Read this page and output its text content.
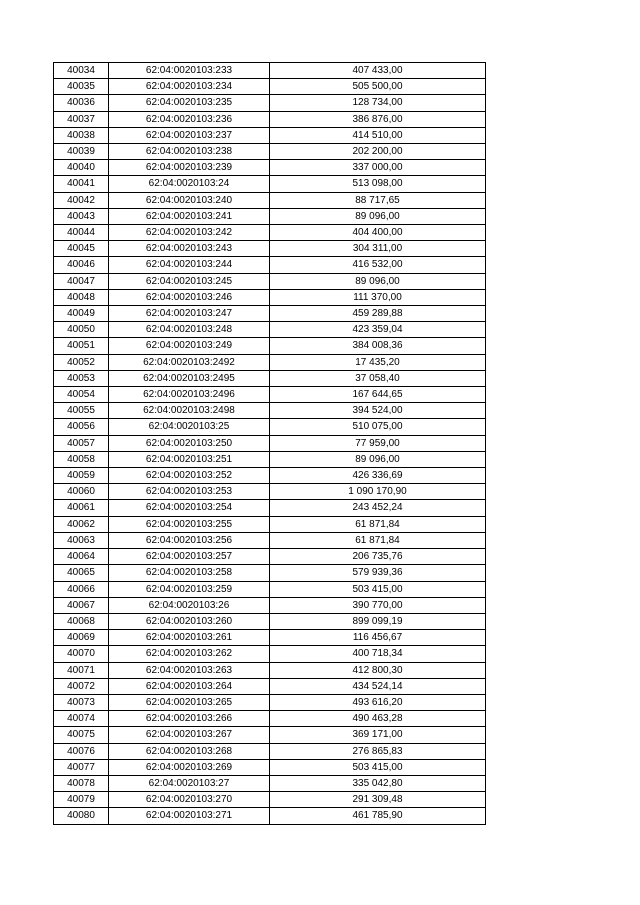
40034	62:04:0020103:233	407 433,00
40035	62:04:0020103:234	505 500,00
40036	62:04:0020103:235	128 734,00
40037	62:04:0020103:236	386 876,00
40038	62:04:0020103:237	414 510,00
40039	62:04:0020103:238	202 200,00
40040	62:04:0020103:239	337 000,00
40041	62:04:0020103:24	513 098,00
40042	62:04:0020103:240	88 717,65
40043	62:04:0020103:241	89 096,00
40044	62:04:0020103:242	404 400,00
40045	62:04:0020103:243	304 311,00
40046	62:04:0020103:244	416 532,00
40047	62:04:0020103:245	89 096,00
40048	62:04:0020103:246	111 370,00
40049	62:04:0020103:247	459 289,88
40050	62:04:0020103:248	423 359,04
40051	62:04:0020103:249	384 008,36
40052	62:04:0020103:2492	17 435,20
40053	62:04:0020103:2495	37 058,40
40054	62:04:0020103:2496	167 644,65
40055	62:04:0020103:2498	394 524,00
40056	62:04:0020103:25	510 075,00
40057	62:04:0020103:250	77 959,00
40058	62:04:0020103:251	89 096,00
40059	62:04:0020103:252	426 336,69
40060	62:04:0020103:253	1 090 170,90
40061	62:04:0020103:254	243 452,24
40062	62:04:0020103:255	61 871,84
40063	62:04:0020103:256	61 871,84
40064	62:04:0020103:257	206 735,76
40065	62:04:0020103:258	579 939,36
40066	62:04:0020103:259	503 415,00
40067	62:04:0020103:26	390 770,00
40068	62:04:0020103:260	899 099,19
40069	62:04:0020103:261	116 456,67
40070	62:04:0020103:262	400 718,34
40071	62:04:0020103:263	412 800,30
40072	62:04:0020103:264	434 524,14
40073	62:04:0020103:265	493 616,20
40074	62:04:0020103:266	490 463,28
40075	62:04:0020103:267	369 171,00
40076	62:04:0020103:268	276 865,83
40077	62:04:0020103:269	503 415,00
40078	62:04:0020103:27	335 042,80
40079	62:04:0020103:270	291 309,48
40080	62:04:0020103:271	461 785,90
